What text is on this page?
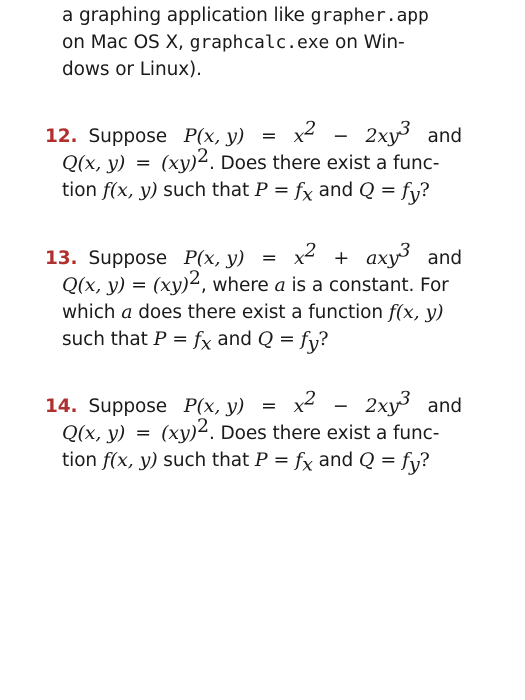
a graphing application like grapher.app
on Mac OS X, graphcalc.exe on Win-
dows or Linux).
12. Suppose P(x, $y) = x^2 - 2xy^3$ and
Q(x, y) = (xy)$^2$. Does there exist a func-
tion f(x, y) such that $P = f_x$ and $Q = f_y$?
13. Suppose P(x, $y) = x^2 + axy^3$ and
Q(x, y) = (xy)$^2$, where a is a constant. For
which a does there exist a function f(x, y)
such that $P = f_x$ and $Q = f_y$?
14. Suppose P(x, $y) = x^2 - 2xy^3$ and
Q(x, y) = (xy)$^2$. Does there exist a func-
tion f(x, y) such that $P = f_x$ and $Q = f_y$?
